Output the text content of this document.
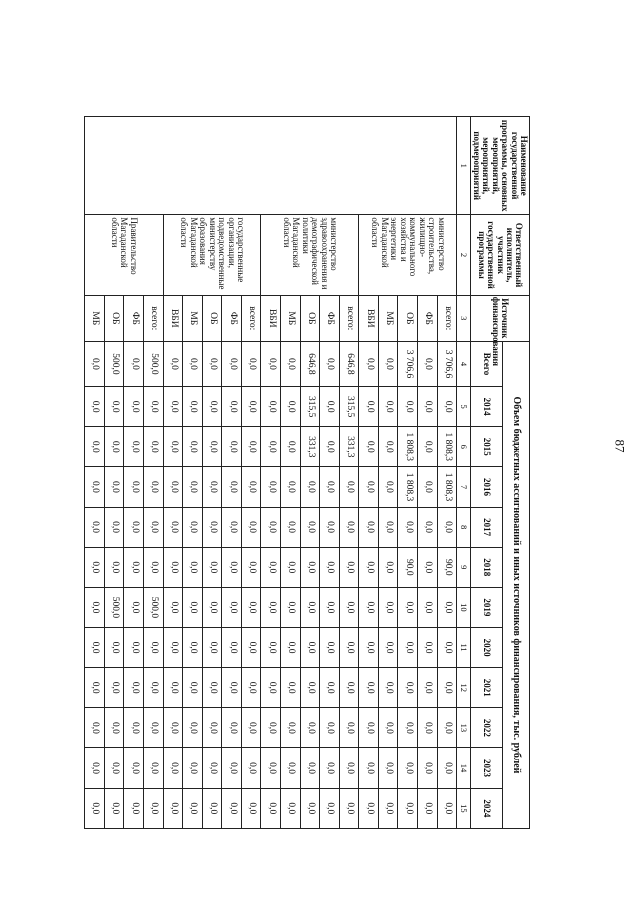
87
Наименование государственной программы, основных мероприятий, мероприятий, подмероприятий	Ответственный исполнитель, участник государственной программы	Источник финансирования	Объем бюджетных ассигнований и иных источников финансирования, тыс. рублей											
			Всего	2014	2015	2016	2017	2018	2019	2020	2021	2022	2023	2024
1	2	3	4	5	6	7	8	9	10	11	12	13	14	15
	министерство строительства, жилищно-коммунального хозяйства и энергетики Магаданской области	всего:	3 706,6	0,0	1 808,3	1 808,3	0,0	90,0	0,0	0,0	0,0	0,0	0,0	0,0
		ФБ	0,0	0,0	0,0	0,0	0,0	0,0	0,0	0,0	0,0	0,0	0,0	0,0
		ОБ	3 706,6	0,0	1 808,3	1 808,3	0,0	90,0	0,0	0,0	0,0	0,0	0,0	0,0
		МБ	0,0	0,0	0,0	0,0	0,0	0,0	0,0	0,0	0,0	0,0	0,0	0,0
		ВБИ	0,0	0,0	0,0	0,0	0,0	0,0	0,0	0,0	0,0	0,0	0,0	0,0
	министерство здравоохранения и демографической политики Магаданской области	всего:	646,8	315,5	331,3	0,0	0,0	0,0	0,0	0,0	0,0	0,0	0,0	0,0
		ФБ	0,0	0,0	0,0	0,0	0,0	0,0	0,0	0,0	0,0	0,0	0,0	0,0
		ОБ	646,8	315,5	331,3	0,0	0,0	0,0	0,0	0,0	0,0	0,0	0,0	0,0
		МБ	0,0	0,0	0,0	0,0	0,0	0,0	0,0	0,0	0,0	0,0	0,0	0,0
		ВБИ	0,0	0,0	0,0	0,0	0,0	0,0	0,0	0,0	0,0	0,0	0,0	0,0
	государственные организации, подведомственные министерству образования Магаданской области	всего:	0,0	0,0	0,0	0,0	0,0	0,0	0,0	0,0	0,0	0,0	0,0	0,0
		ФБ	0,0	0,0	0,0	0,0	0,0	0,0	0,0	0,0	0,0	0,0	0,0	0,0
		ОБ	0,0	0,0	0,0	0,0	0,0	0,0	0,0	0,0	0,0	0,0	0,0	0,0
		МБ	0,0	0,0	0,0	0,0	0,0	0,0	0,0	0,0	0,0	0,0	0,0	0,0
		ВБИ	0,0	0,0	0,0	0,0	0,0	0,0	0,0	0,0	0,0	0,0	0,0	0,0
	Правительство Магаданской области	всего:	500,0	0,0	0,0	0,0	0,0	0,0	500,0	0,0	0,0	0,0	0,0	0,0
		ФБ	0,0	0,0	0,0	0,0	0,0	0,0	0,0	0,0	0,0	0,0	0,0	0,0
		ОБ	500,0	0,0	0,0	0,0	0,0	0,0	500,0	0,0	0,0	0,0	0,0	0,0
		МБ	0,0	0,0	0,0	0,0	0,0	0,0	0,0	0,0	0,0	0,0	0,0	0,0
